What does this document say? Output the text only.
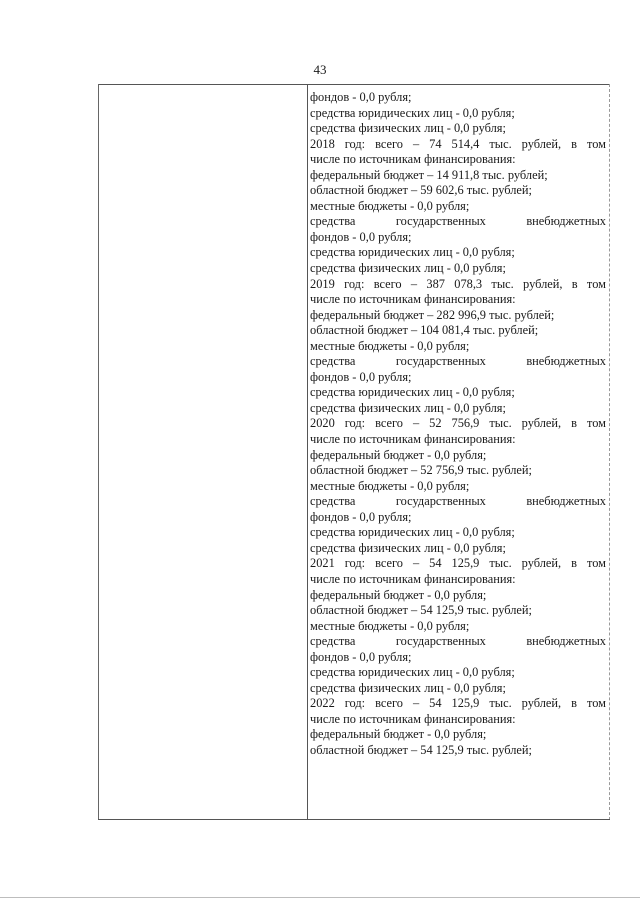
43
фондов - 0,0 рубля;
средства юридических лиц - 0,0 рубля;
средства физических лиц - 0,0 рубля;
2018 год: всего – 74 514,4 тыс. рублей, в том
числе по источникам финансирования:
федеральный бюджет – 14 911,8 тыс. рублей;
областной бюджет – 59 602,6 тыс. рублей;
местные бюджеты - 0,0 рубля;
средства государственных внебюджетных
фондов - 0,0 рубля;
средства юридических лиц - 0,0 рубля;
средства физических лиц - 0,0 рубля;
2019 год: всего – 387 078,3 тыс. рублей, в том
числе по источникам финансирования:
федеральный бюджет – 282 996,9 тыс. рублей;
областной бюджет – 104 081,4 тыс. рублей;
местные бюджеты - 0,0 рубля;
средства государственных внебюджетных
фондов - 0,0 рубля;
средства юридических лиц - 0,0 рубля;
средства физических лиц - 0,0 рубля;
2020 год: всего – 52 756,9 тыс. рублей, в том
числе по источникам финансирования:
федеральный бюджет - 0,0 рубля;
областной бюджет – 52 756,9 тыс. рублей;
местные бюджеты - 0,0 рубля;
средства государственных внебюджетных
фондов - 0,0 рубля;
средства юридических лиц - 0,0 рубля;
средства физических лиц - 0,0 рубля;
2021 год: всего – 54 125,9 тыс. рублей, в том
числе по источникам финансирования:
федеральный бюджет - 0,0 рубля;
областной бюджет – 54 125,9 тыс. рублей;
местные бюджеты - 0,0 рубля;
средства государственных внебюджетных
фондов - 0,0 рубля;
средства юридических лиц - 0,0 рубля;
средства физических лиц - 0,0 рубля;
2022 год: всего – 54 125,9 тыс. рублей, в том
числе по источникам финансирования:
федеральный бюджет - 0,0 рубля;
областной бюджет – 54 125,9 тыс. рублей;
